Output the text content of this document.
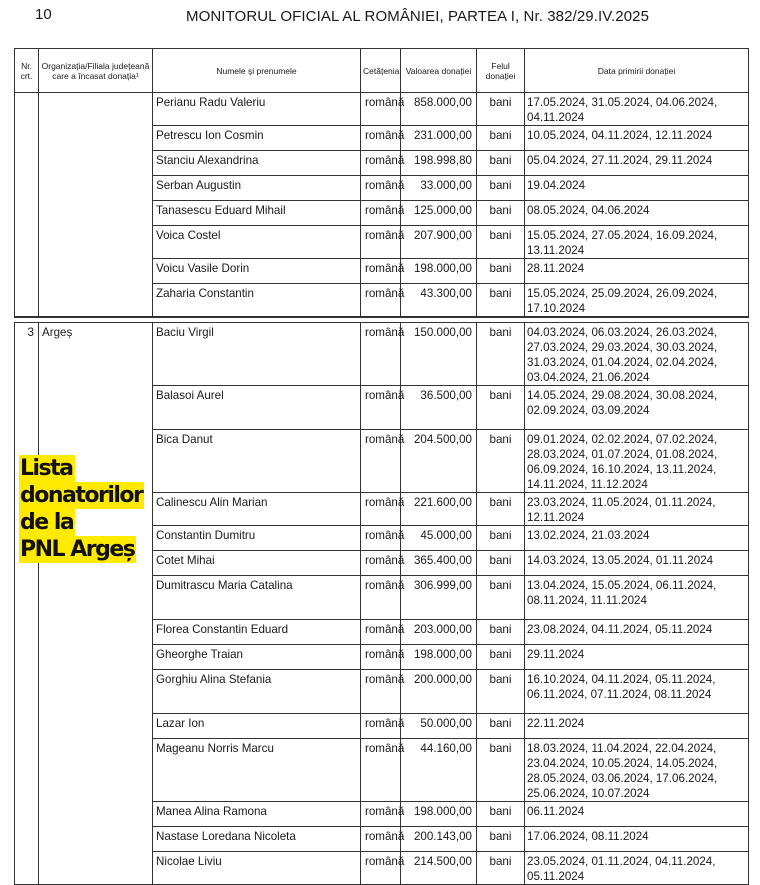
10	MONITORUL OFICIAL AL ROMÂNIEI, PARTEA I, Nr. 382/29.IV.2025
Nr. crt.	Organizația/Filiala județeană care a încasat donația¹	Numele și prenumele	Cetățenia	Valoarea donației	Felul donației	Data primirii donației
		Perianu Radu Valeriu	română	858.000,00	bani	17.05.2024, 31.05.2024, 04.06.2024, 04.11.2024
		Petrescu Ion Cosmin	română	231.000,00	bani	10.05.2024, 04.11.2024, 12.11.2024
		Stanciu Alexandrina	română	198.998,80	bani	05.04.2024, 27.11.2024, 29.11.2024
		Serban Augustin	română	33.000,00	bani	19.04.2024
		Tanasescu Eduard Mihail	română	125.000,00	bani	08.05.2024, 04.06.2024
		Voica Costel	română	207.900,00	bani	15.05.2024, 27.05.2024, 16.09.2024, 13.11.2024
		Voicu Vasile Dorin	română	198.000,00	bani	28.11.2024
		Zaharia Constantin	română	43.300,00	bani	15.05.2024, 25.09.2024, 26.09.2024, 17.10.2024

3	Argeș	Baciu Virgil	română	150.000,00	bani	04.03.2024, 06.03.2024, 26.03.2024, 27.03.2024, 29.03.2024, 30.03.2024, 31.03.2024, 01.04.2024, 02.04.2024, 03.04.2024, 21.06.2024
		Balasoi Aurel	română	36.500,00	bani	14.05.2024, 29.08.2024, 30.08.2024, 02.09.2024, 03.09.2024
		Bica Danut	română	204.500,00	bani	09.01.2024, 02.02.2024, 07.02.2024, 28.03.2024, 01.07.2024, 01.08.2024, 06.09.2024, 16.10.2024, 13.11.2024, 14.11.2024, 11.12.2024
		Calinescu Alin Marian	română	221.600,00	bani	23.03.2024, 11.05.2024, 01.11.2024, 12.11.2024
		Constantin Dumitru	română	45.000,00	bani	13.02.2024, 21.03.2024
		Cotet Mihai	română	365.400,00	bani	14.03.2024, 13.05.2024, 01.11.2024
		Dumitrascu Maria Catalina	română	306.999,00	bani	13.04.2024, 15.05.2024, 06.11.2024, 08.11.2024, 11.11.2024
		Florea Constantin Eduard	română	203.000,00	bani	23.08.2024, 04.11.2024, 05.11.2024
		Gheorghe Traian	română	198.000,00	bani	29.11.2024
		Gorghiu Alina Stefania	română	200.000,00	bani	16.10.2024, 04.11.2024, 05.11.2024, 06.11.2024, 07.11.2024, 08.11.2024
		Lazar Ion	română	50.000,00	bani	22.11.2024
		Mageanu Norris Marcu	română	44.160,00	bani	18.03.2024, 11.04.2024, 22.04.2024, 23.04.2024, 10.05.2024, 14.05.2024, 28.05.2024, 03.06.2024, 17.06.2024, 25.06.2024, 10.07.2024
		Manea Alina Ramona	română	198.000,00	bani	06.11.2024
		Nastase Loredana Nicoleta	română	200.143,00	bani	17.06.2024, 08.11.2024
		Nicolae Liviu	română	214.500,00	bani	23.05.2024, 01.11.2024, 04.11.2024, 05.11.2024
Lista
donatorilor
de la
PNL Argeș
